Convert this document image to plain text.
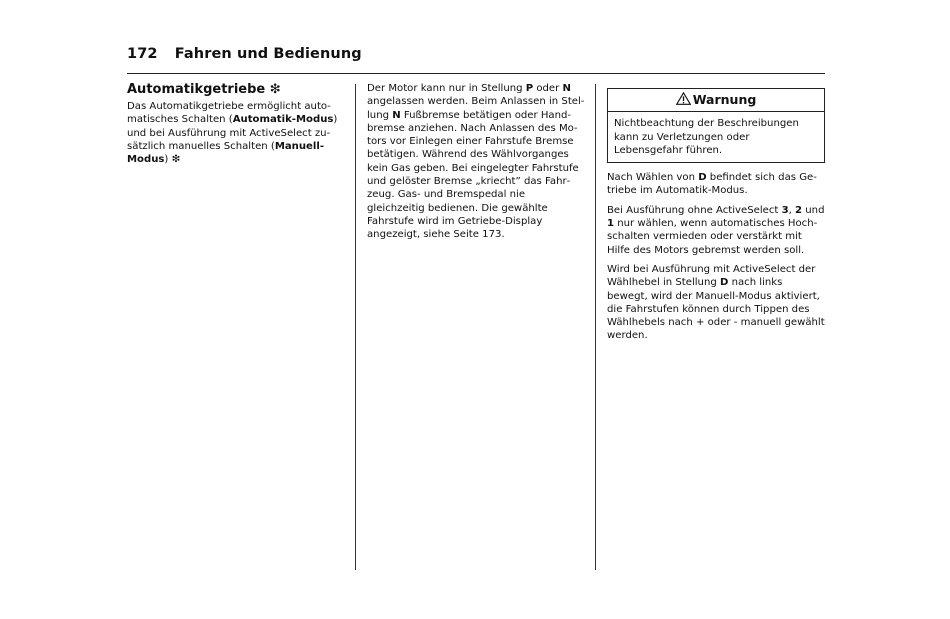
172 Fahren und Bedienung
Automatikgetriebe ❇

Das Automatikgetriebe ermöglicht automatisches Schalten (Automatik-Modus) und bei Ausführung mit ActiveSelect zusätzlich manuelles Schalten (Manuell-Modus) ❇

Der Motor kann nur in Stellung P oder N angelassen werden. Beim Anlassen in Stellung N Fußbremse betätigen oder Handbremse anziehen. Nach Anlassen des Motors vor Einlegen einer Fahrstufe Bremse betätigen. Während des Wählvorganges kein Gas geben. Bei eingelegter Fahrstufe und gelöster Bremse „kriecht” das Fahrzeug. Gas- und Bremspedal nie gleichzeitig bedienen. Die gewählte Fahrstufe wird im Getriebe-Display angezeigt, siehe Seite 173.

Warnung
Nichtbeachtung der Beschreibungen kann zu Verletzungen oder Lebensgefahr führen.

Nach Wählen von D befindet sich das Getriebe im Automatik-Modus.

Bei Ausführung ohne ActiveSelect 3, 2 und 1 nur wählen, wenn automatisches Hochschalten vermieden oder verstärkt mit Hilfe des Motors gebremst werden soll.

Wird bei Ausführung mit ActiveSelect der Wählhebel in Stellung D nach links bewegt, wird der Manuell-Modus aktiviert, die Fahrstufen können durch Tippen des Wählhebels nach + oder - manuell gewählt werden.
